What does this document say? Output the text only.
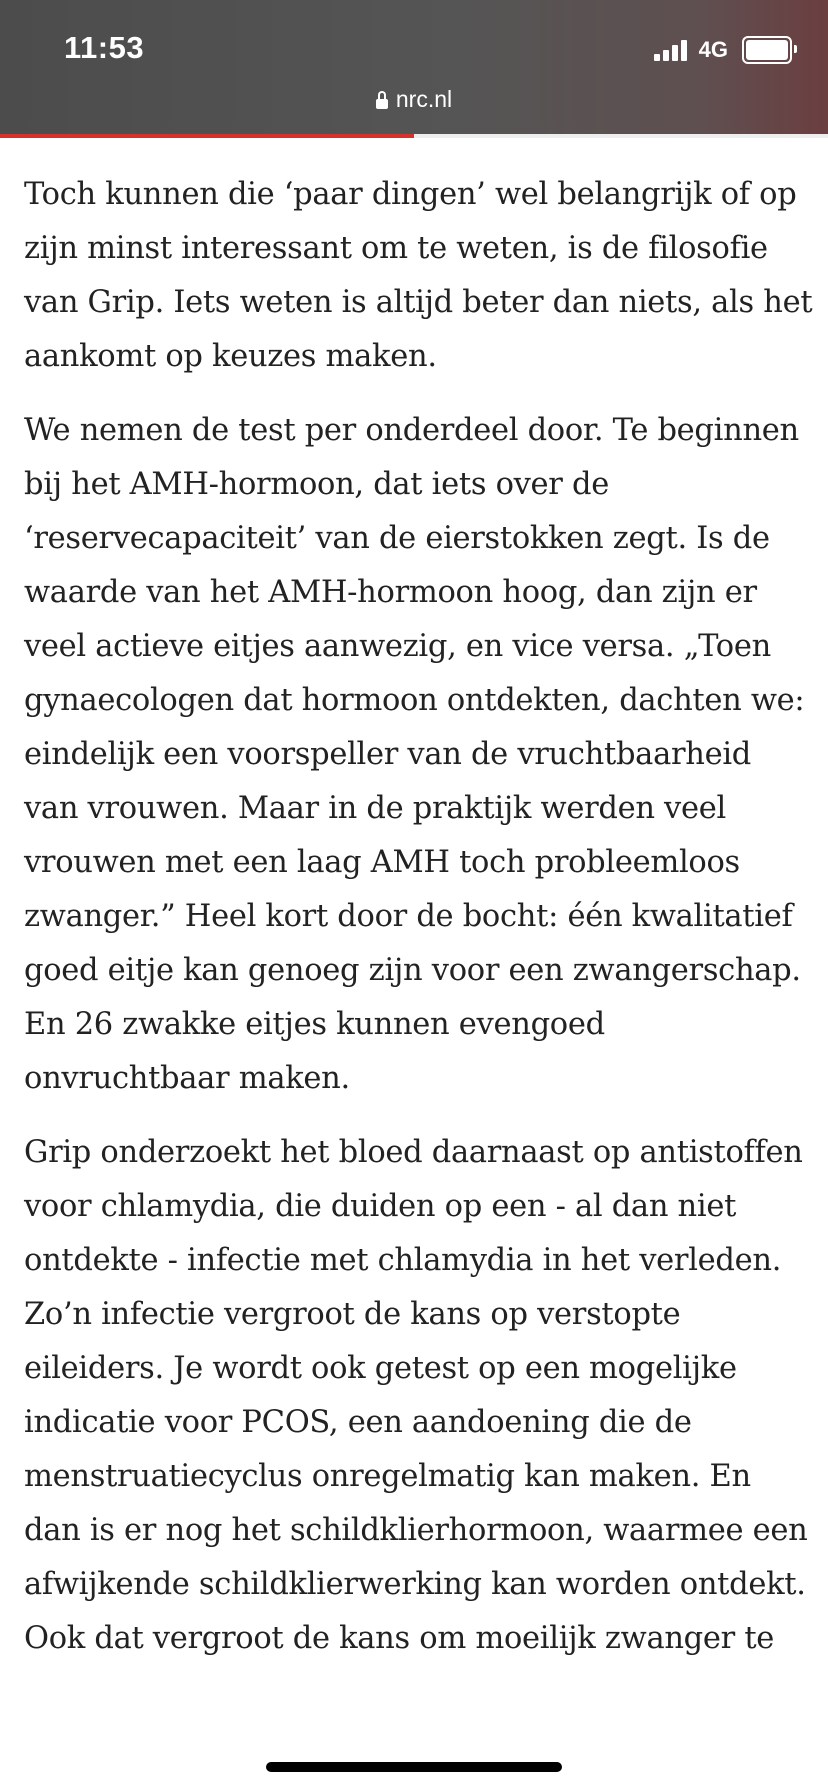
11:53	4G
nrc.nl

Toch kunnen die ‘paar dingen’ wel belangrijk of op zijn minst interessant om te weten, is de filosofie van Grip. Iets weten is altijd beter dan niets, als het aankomt op keuzes maken.

We nemen de test per onderdeel door. Te beginnen bij het AMH-hormoon, dat iets over de ‘reservecapaciteit’ van de eierstokken zegt. Is de waarde van het AMH-hormoon hoog, dan zijn er veel actieve eitjes aanwezig, en vice versa. „Toen gynaecologen dat hormoon ontdekten, dachten we: eindelijk een voorspeller van de vruchtbaarheid van vrouwen. Maar in de praktijk werden veel vrouwen met een laag AMH toch probleemloos zwanger.” Heel kort door de bocht: één kwalitatief goed eitje kan genoeg zijn voor een zwangerschap. En 26 zwakke eitjes kunnen evengoed onvruchtbaar maken.

Grip onderzoekt het bloed daarnaast op antistoffen voor chlamydia, die duiden op een - al dan niet ontdekte - infectie met chlamydia in het verleden. Zo’n infectie vergroot de kans op verstopte eileiders. Je wordt ook getest op een mogelijke indicatie voor PCOS, een aandoening die de menstruatiecyclus onregelmatig kan maken. En dan is er nog het schildklierhormoon, waarmee een afwijkende schildklierwerking kan worden ontdekt. Ook dat vergroot de kans om moeilijk zwanger te
